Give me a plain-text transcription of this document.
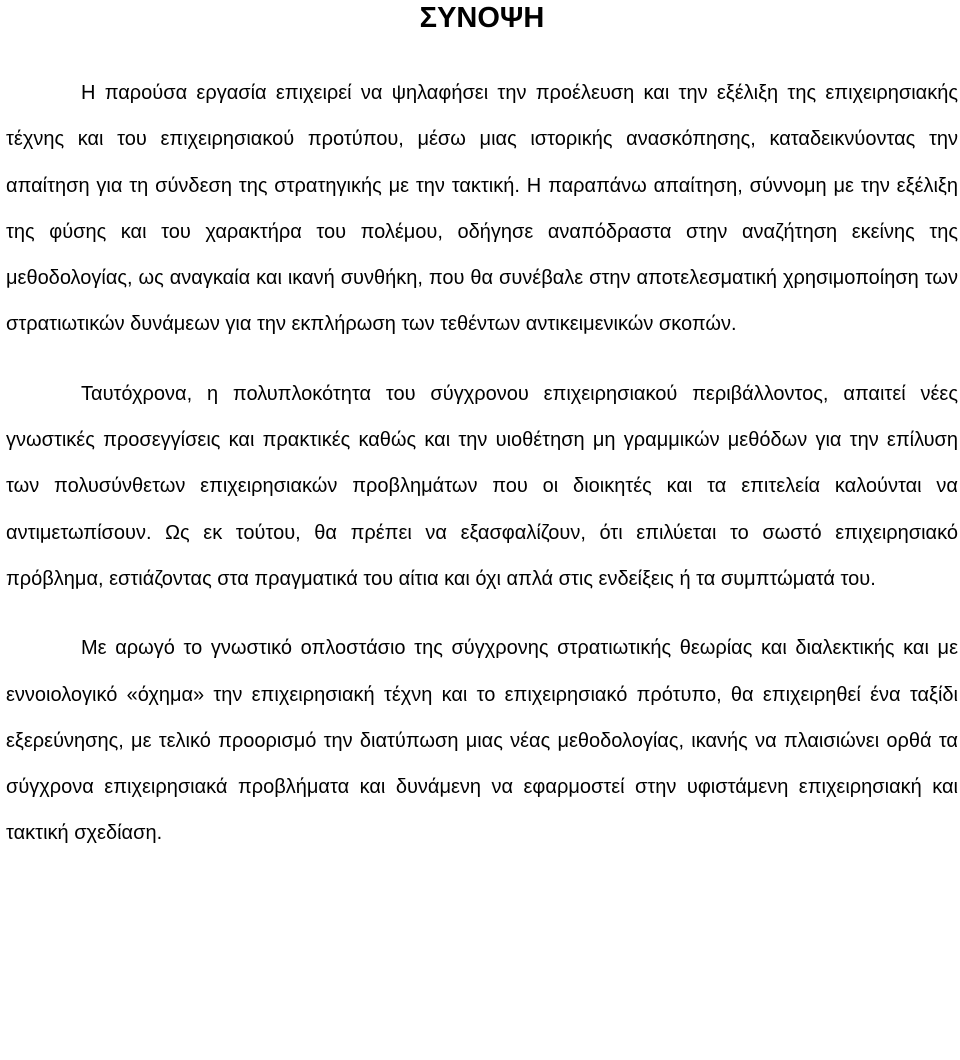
ΣΥΝΟΨΗ

Η παρούσα εργασία επιχειρεί να ψηλαφήσει την προέλευση και την εξέλιξη της επιχειρησιακής τέχνης και του επιχειρησιακού προτύπου, μέσω μιας ιστορικής ανασκόπησης, καταδεικνύοντας την απαίτηση για τη σύνδεση της στρατηγικής με την τακτική. Η παραπάνω απαίτηση, σύννομη με την εξέλιξη της φύσης και του χαρακτήρα του πολέμου, οδήγησε αναπόδραστα στην αναζήτηση εκείνης της μεθοδολογίας, ως αναγκαία και ικανή συνθήκη, που θα συνέβαλε στην αποτελεσματική χρησιμοποίηση των στρατιωτικών δυνάμεων για την εκπλήρωση των τεθέντων αντικειμενικών σκοπών.

Ταυτόχρονα, η πολυπλοκότητα του σύγχρονου επιχειρησιακού περιβάλλοντος, απαιτεί νέες γνωστικές προσεγγίσεις και πρακτικές καθώς και την υιοθέτηση μη γραμμικών μεθόδων για την επίλυση των πολυσύνθετων επιχειρησιακών προβλημάτων που οι διοικητές και τα επιτελεία καλούνται να αντιμετωπίσουν. Ως εκ τούτου, θα πρέπει να εξασφαλίζουν, ότι επιλύεται το σωστό επιχειρησιακό πρόβλημα, εστιάζοντας στα πραγματικά του αίτια και όχι απλά στις ενδείξεις ή τα συμπτώματά του.

Με αρωγό το γνωστικό οπλοστάσιο της σύγχρονης στρατιωτικής θεωρίας και διαλεκτικής και με εννοιολογικό «όχημα» την επιχειρησιακή τέχνη και το επιχειρησιακό πρότυπο, θα επιχειρηθεί ένα ταξίδι εξερεύνησης, με τελικό προορισμό την διατύπωση μιας νέας μεθοδολογίας, ικανής να πλαισιώνει ορθά τα σύγχρονα επιχειρησιακά προβλήματα και δυνάμενη να εφαρμοστεί στην υφιστάμενη επιχειρησιακή και τακτική σχεδίαση.
